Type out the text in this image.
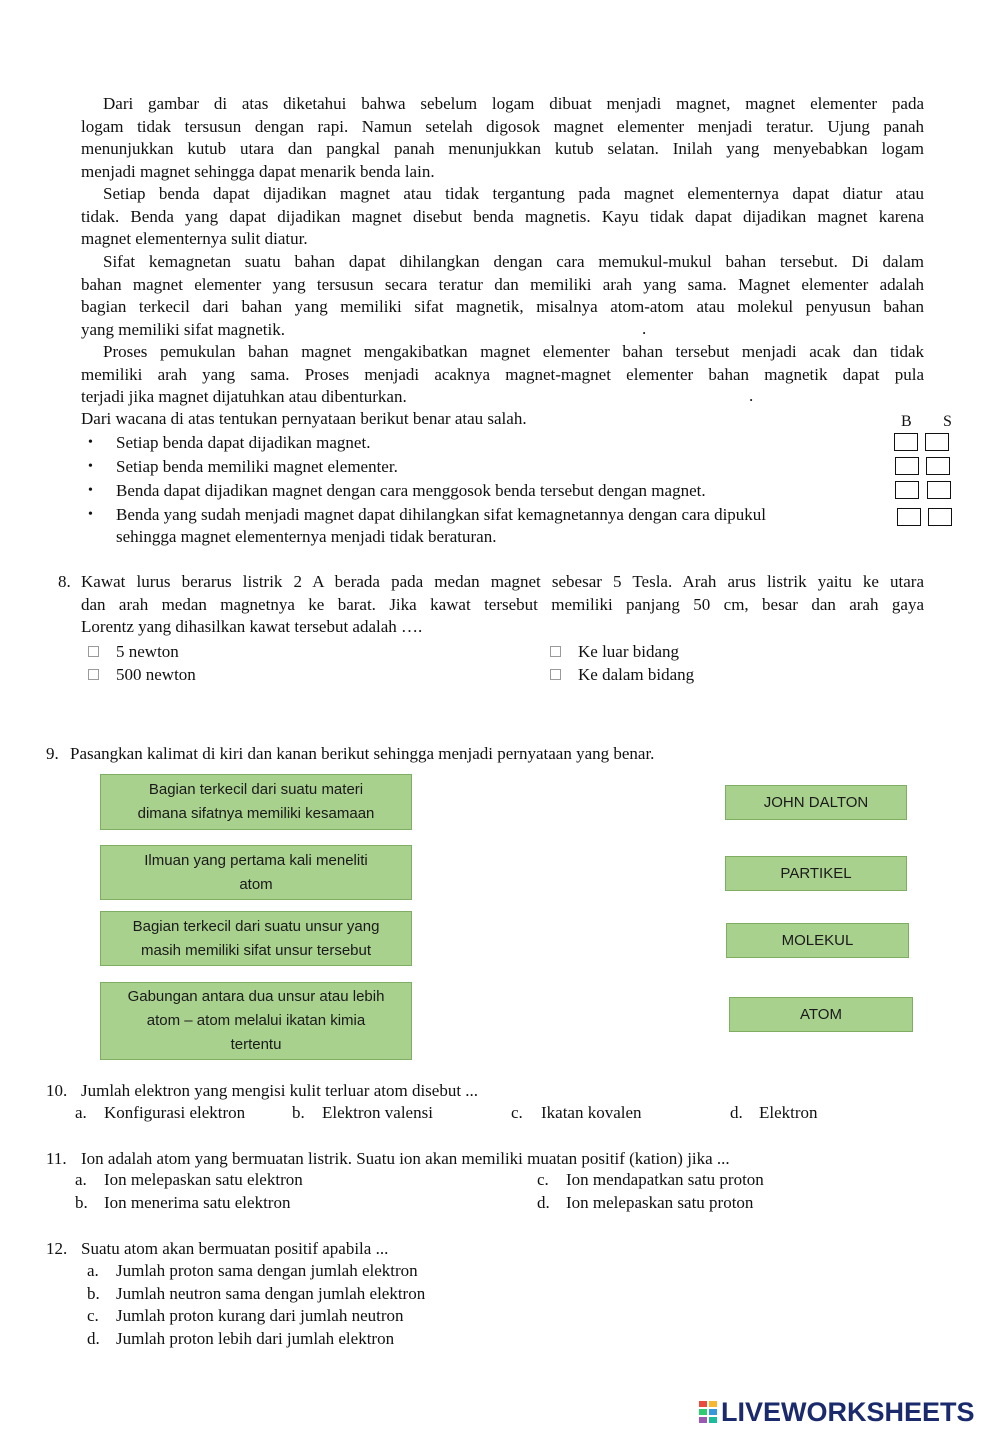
Dari gambar di atas diketahui bahwa sebelum logam dibuat menjadi magnet, magnet elementer pada
logam tidak tersusun dengan rapi. Namun setelah digosok magnet elementer menjadi teratur. Ujung panah
menunjukkan kutub utara dan pangkal panah menunjukkan kutub selatan. Inilah yang menyebabkan logam
menjadi magnet sehingga dapat menarik benda lain.
Setiap benda dapat dijadikan magnet atau tidak tergantung pada magnet elementernya dapat diatur atau
tidak. Benda yang dapat dijadikan magnet disebut benda magnetis. Kayu tidak dapat dijadikan magnet karena
magnet elementernya sulit diatur.
Sifat kemagnetan suatu bahan dapat dihilangkan dengan cara memukul-mukul bahan tersebut. Di dalam
bahan magnet elementer yang tersusun secara teratur dan memiliki arah yang sama. Magnet elementer adalah
bagian terkecil dari bahan yang memiliki sifat magnetik, misalnya atom-atom atau molekul penyusun bahan
yang memiliki sifat magnetik.	.
Proses pemukulan bahan magnet mengakibatkan magnet elementer bahan tersebut menjadi acak dan tidak
memiliki arah yang sama. Proses menjadi acaknya magnet-magnet elementer bahan magnetik dapat pula
terjadi jika magnet dijatuhkan atau dibenturkan.	.
Dari wacana di atas tentukan pernyataan berikut benar atau salah.	B S
• Setiap benda dapat dijadikan magnet.
• Setiap benda memiliki magnet elementer.
• Benda dapat dijadikan magnet dengan cara menggosok benda tersebut dengan magnet.
• Benda yang sudah menjadi magnet dapat dihilangkan sifat kemagnetannya dengan cara dipukul
sehingga magnet elementernya menjadi tidak beraturan.
8. Kawat lurus berarus listrik 2 A berada pada medan magnet sebesar 5 Tesla. Arah arus listrik yaitu ke utara
dan arah medan magnetnya ke barat. Jika kawat tersebut memiliki panjang 50 cm, besar dan arah gaya
Lorentz yang dihasilkan kawat tersebut adalah ….
5 newton
500 newton
Ke luar bidang
Ke dalam bidang
9. Pasangkan kalimat di kiri dan kanan berikut sehingga menjadi pernyataan yang benar.
Bagian terkecil dari suatu materi
dimana sifatnya memiliki kesamaan
Ilmuan yang pertama kali meneliti
atom
Bagian terkecil dari suatu unsur yang
masih memiliki sifat unsur tersebut
Gabungan antara dua unsur atau lebih
atom – atom melalui ikatan kimia
tertentu
JOHN DALTON
PARTIKEL
MOLEKUL
ATOM
10. Jumlah elektron yang mengisi kulit terluar atom disebut ...
a. Konfigurasi elektron	b. Elektron valensi	c. Ikatan kovalen	d. Elektron
11. Ion adalah atom yang bermuatan listrik. Suatu ion akan memiliki muatan positif (kation) jika ...
a. Ion melepaskan satu elektron
b. Ion menerima satu elektron
c. Ion mendapatkan satu proton
d. Ion melepaskan satu proton
12. Suatu atom akan bermuatan positif apabila ...
a. Jumlah proton sama dengan jumlah elektron
b. Jumlah neutron sama dengan jumlah elektron
c. Jumlah proton kurang dari jumlah neutron
d. Jumlah proton lebih dari jumlah elektron
LIVEWORKSHEETS
